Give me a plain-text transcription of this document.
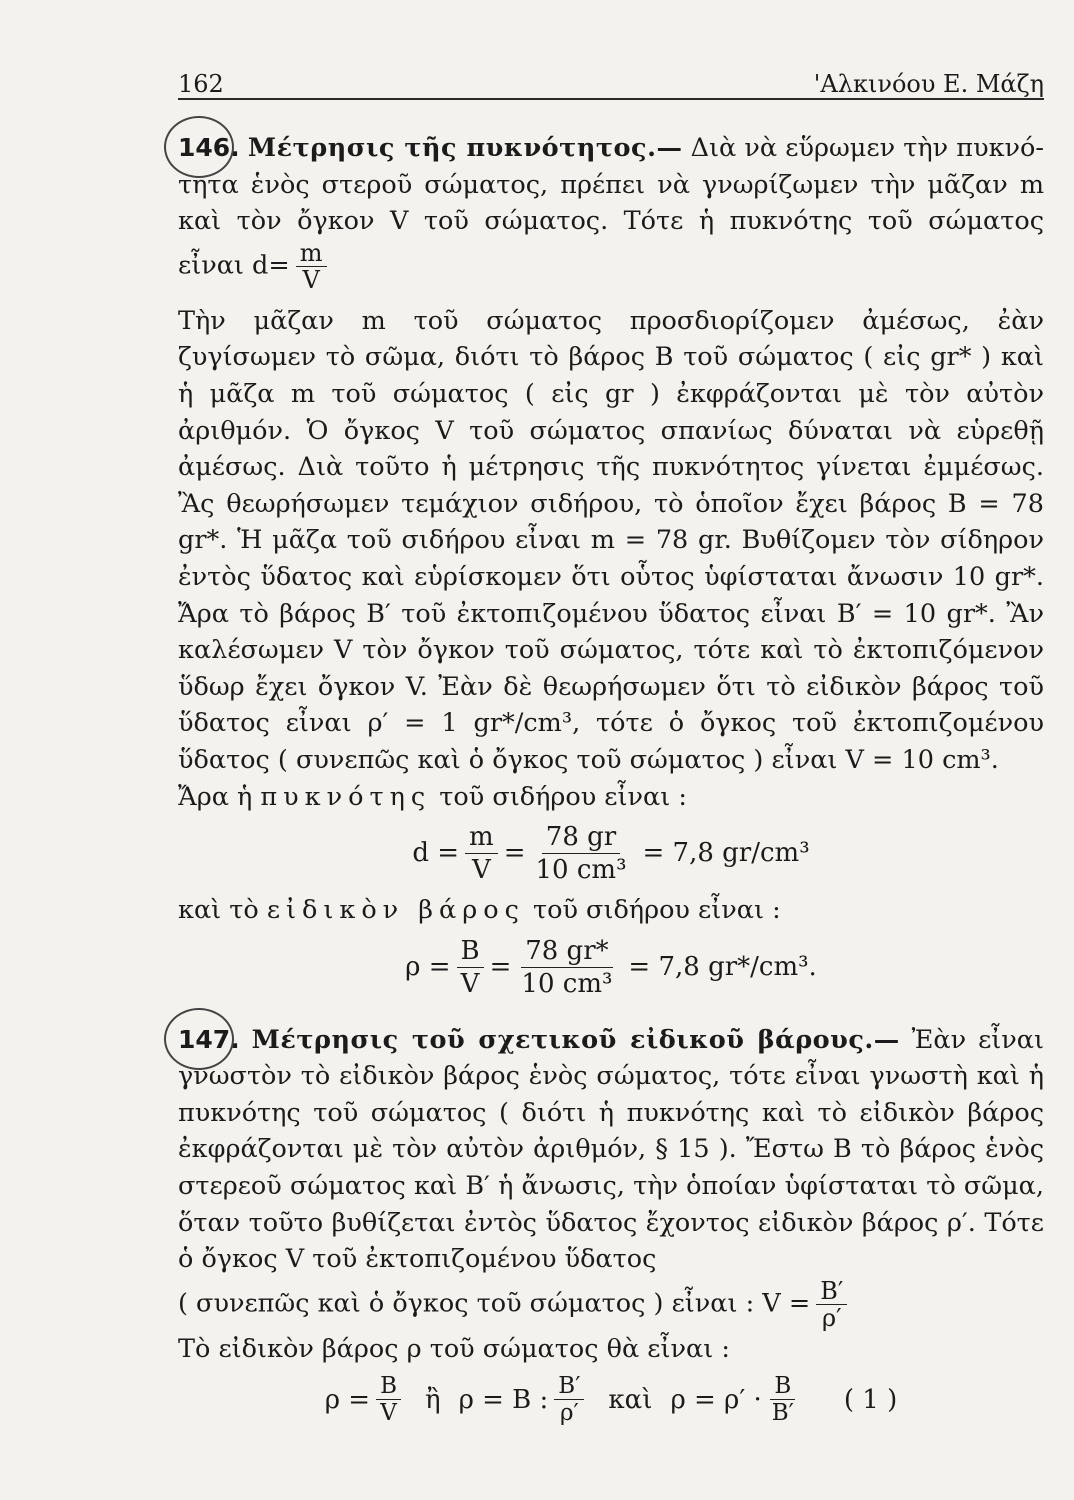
162	'Αλκινόου Ε. Μάζη

146. Μέτρησις τῆς πυκνότητος.— Διὰ νὰ εὕρωμεν τὴν πυκνό- τητα ἑνὸς στεροῦ σώματος, πρέπει νὰ γνωρίζωμεν τὴν μᾶζαν m καὶ τὸν ὄγκον V τοῦ σώματος. Τότε ἡ πυκνότης τοῦ σώματος εἶναι $d= \frac{m}{V}$

Τὴν μᾶζαν m τοῦ σώματος προσδιορίζομεν ἀμέσως, ἐὰν ζυγίσωμεν τὸ σῶμα, διότι τὸ βάρος B τοῦ σώματος ( εἰς gr* ) καὶ ἡ μᾶζα m τοῦ σώματος ( εἰς gr ) ἐκφράζονται μὲ τὸν αὐτὸν ἀριθμόν. Ὁ ὄγκος V τοῦ σώματος σπανίως δύναται νὰ εὑρεθῇ ἀμέσως. Διὰ τοῦτο ἡ μέτρησις τῆς πυκνότητος γίνεται ἐμμέσως. Ἂς θεωρήσωμεν τεμάχιον σιδήρου, τὸ ὁποῖον ἔχει βάρος B = 78 gr*. Ἡ μᾶζα τοῦ σιδήρου εἶναι m = 78 gr. Βυθίζομεν τὸν σίδηρον ἐντὸς ὕδατος καὶ εὑρίσκομεν ὅτι οὗτος ὑφίσταται ἄνωσιν 10 gr*. Ἄρα τὸ βάρος B′ τοῦ ἐκτοπιζομένου ὕδατος εἶναι B′ = 10 gr*. Ἂν καλέσωμεν V τὸν ὄγκον τοῦ σώματος, τότε καὶ τὸ ἐκτοπιζόμενον ὕδωρ ἔχει ὄγκον V. Ἐὰν δὲ θεωρήσωμεν ὅτι τὸ εἰδικὸν βάρος τοῦ ὕδατος εἶναι ρ′ = 1 gr*/cm³, τότε ὁ ὄγκος τοῦ ἐκτοπιζομένου ὕδατος ( συνεπῶς καὶ ὁ ὄγκος τοῦ σώματος ) εἶναι V = 10 cm³.

Ἄρα ἡ πυκνότης τοῦ σιδήρου εἶναι :

$d = \frac{m}{V} = \frac{78 gr}{\text{10 cm³}} = 7,8$ gr/cm³

καὶ τὸ εἰδικὸν βάρος τοῦ σιδήρου εἶναι :

$\rho = \frac{B}{V} = \frac{78 gr*}{\text{10 cm³}} = 7,8$ gr*/cm³.

147. Μέτρησις τοῦ σχετικοῦ εἰδικοῦ βάρους.— Ἐὰν εἶναι γνωστὸν τὸ εἰδικὸν βάρος ἑνὸς σώματος, τότε εἶναι γνωστὴ καὶ ἡ πυκνότης τοῦ σώματος ( διότι ἡ πυκνότης καὶ τὸ εἰδικὸν βάρος ἐκφράζονται μὲ τὸν αὐτὸν ἀριθμόν, § 15 ). Ἔστω B τὸ βάρος ἑνὸς στερεοῦ σώματος καὶ B′ ἡ ἄνωσις, τὴν ὁποίαν ὑφίσταται τὸ σῶμα, ὅταν τοῦτο βυθίζεται ἐντὸς ὕδατος ἔχοντος εἰδικὸν βάρος ρ′. Τότε ὁ ὄγκος V τοῦ ἐκτοπιζομένου ὕδατος

( συνεπῶς καὶ ὁ ὄγκος τοῦ σώματος ) εἶναι : $V = \frac{B'}{\rho'}$

Τὸ εἰδικὸν βάρος ρ τοῦ σώματος θὰ εἶναι :

$\rho = \frac{B}{V}$ ἢ ρ = B : $\frac{B'}{\rho'}$ καὶ $\rho = \rho' \cdot \frac{B}{B'}$ ( 1 )
